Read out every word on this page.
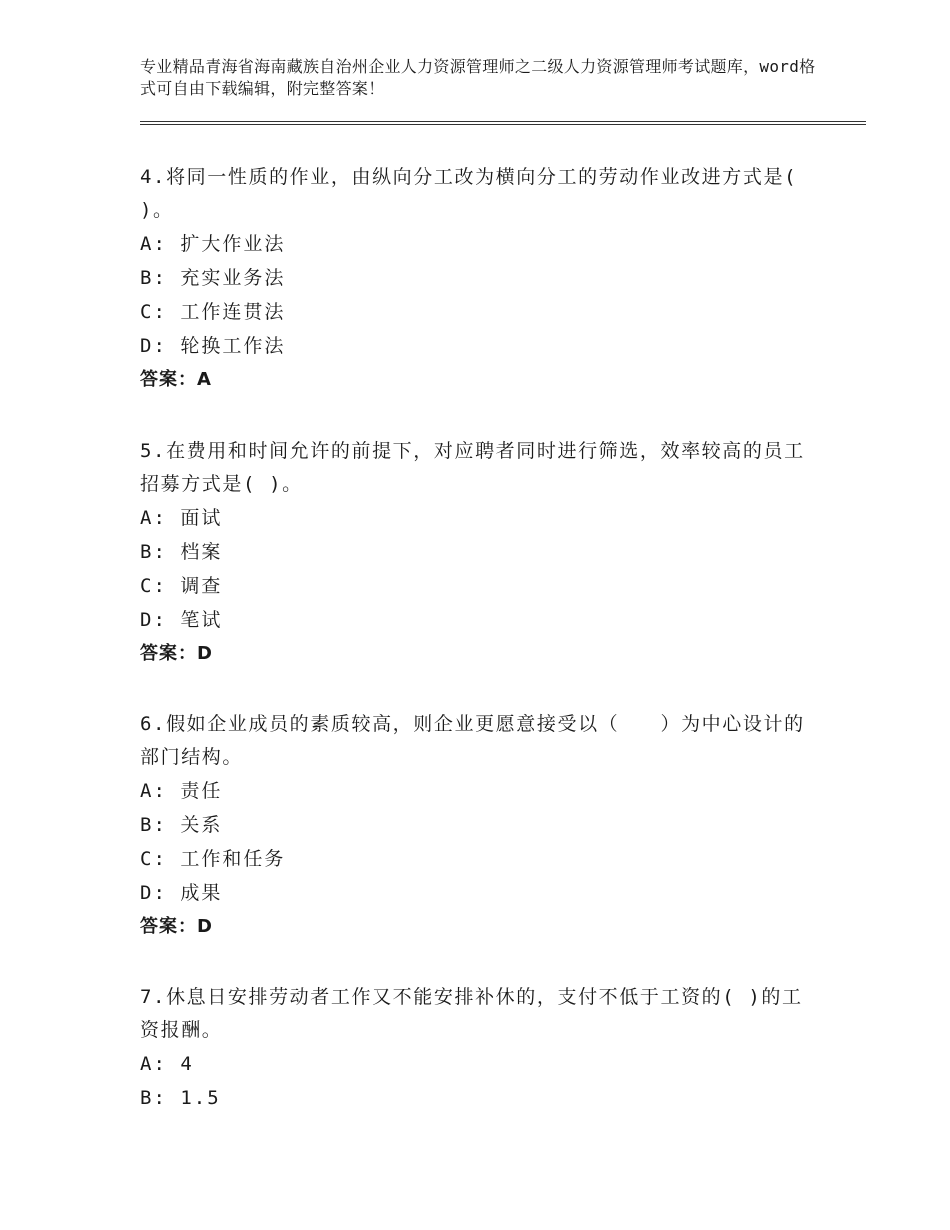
专业精品青海省海南藏族自治州企业人力资源管理师之二级人力资源管理师考试题库，word格式可自由下载编辑，附完整答案！
4.将同一性质的作业，由纵向分工改为横向分工的劳动作业改进方式是( )。
A: 扩大作业法
B: 充实业务法
C: 工作连贯法
D: 轮换工作法
答案：A
5.在费用和时间允许的前提下，对应聘者同时进行筛选，效率较高的员工招募方式是( )。
A: 面试
B: 档案
C: 调查
D: 笔试
答案：D
6.假如企业成员的素质较高，则企业更愿意接受以（　　）为中心设计的部门结构。
A: 责任
B: 关系
C: 工作和任务
D: 成果
答案：D
7.休息日安排劳动者工作又不能安排补休的，支付不低于工资的( )的工资报酬。
A: 4
B: 1.5
